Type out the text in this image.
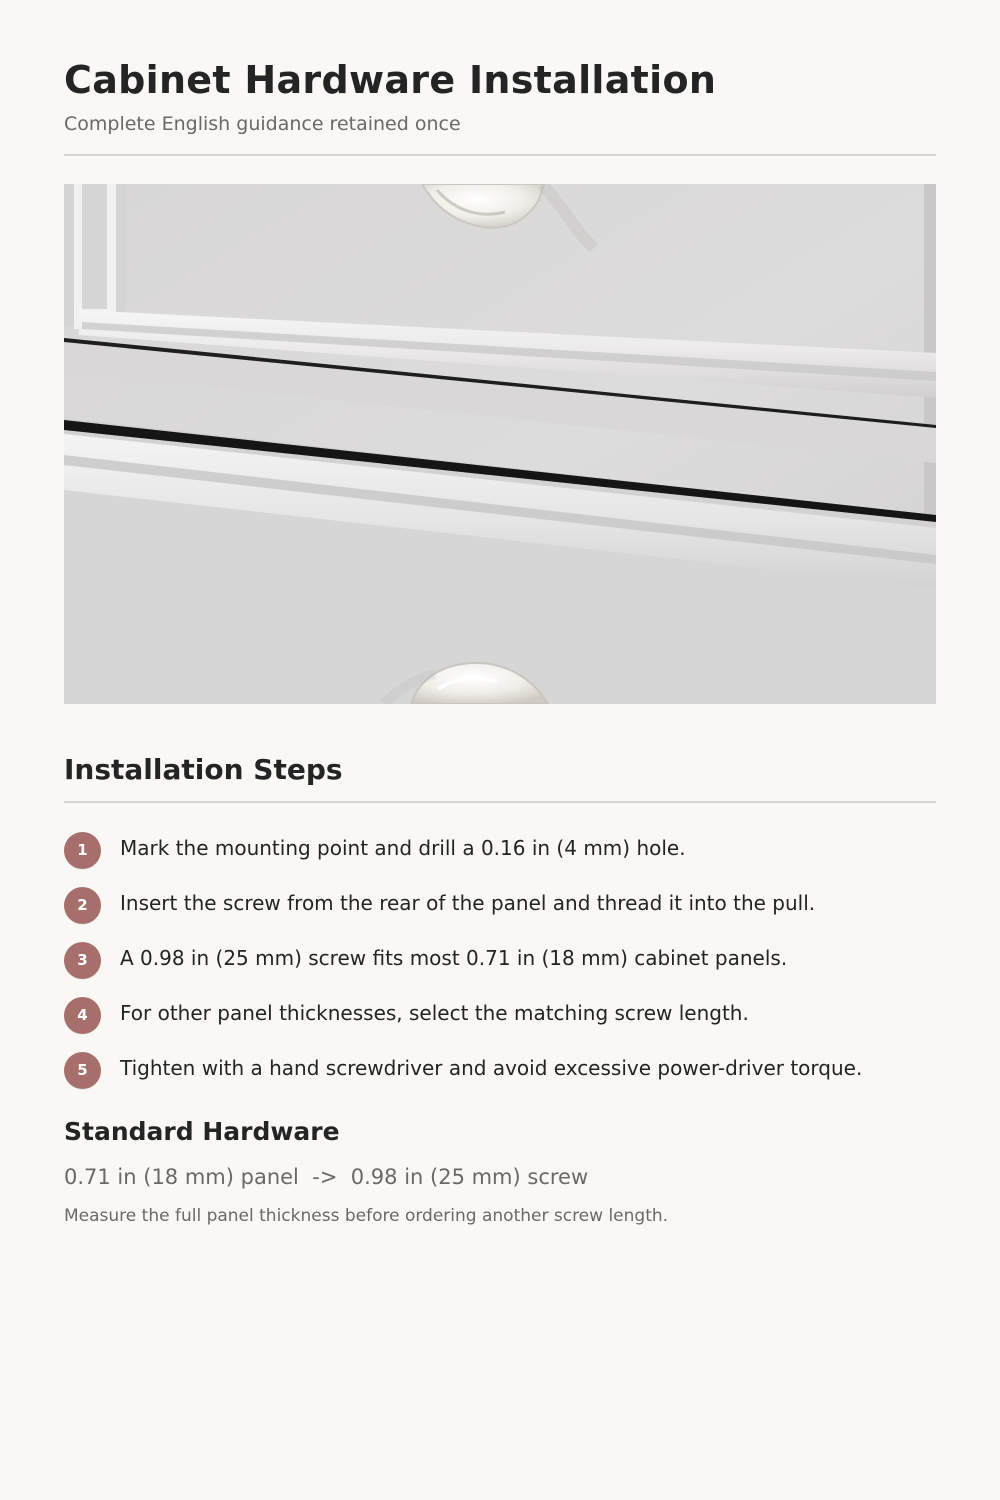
Cabinet Hardware Installation

Complete English guidance retained once

Installation Steps
1	Mark the mounting point and drill a 0.16 in (4 mm) hole.
2	Insert the screw from the rear of the panel and thread it into the pull.
3	A 0.98 in (25 mm) screw fits most 0.71 in (18 mm) cabinet panels.
4	For other panel thicknesses, select the matching screw length.
5	Tighten with a hand screwdriver and avoid excessive power-driver torque.
Standard Hardware
0.71 in (18 mm) panel  ->  0.98 in (25 mm) screw
Measure the full panel thickness before ordering another screw length.
